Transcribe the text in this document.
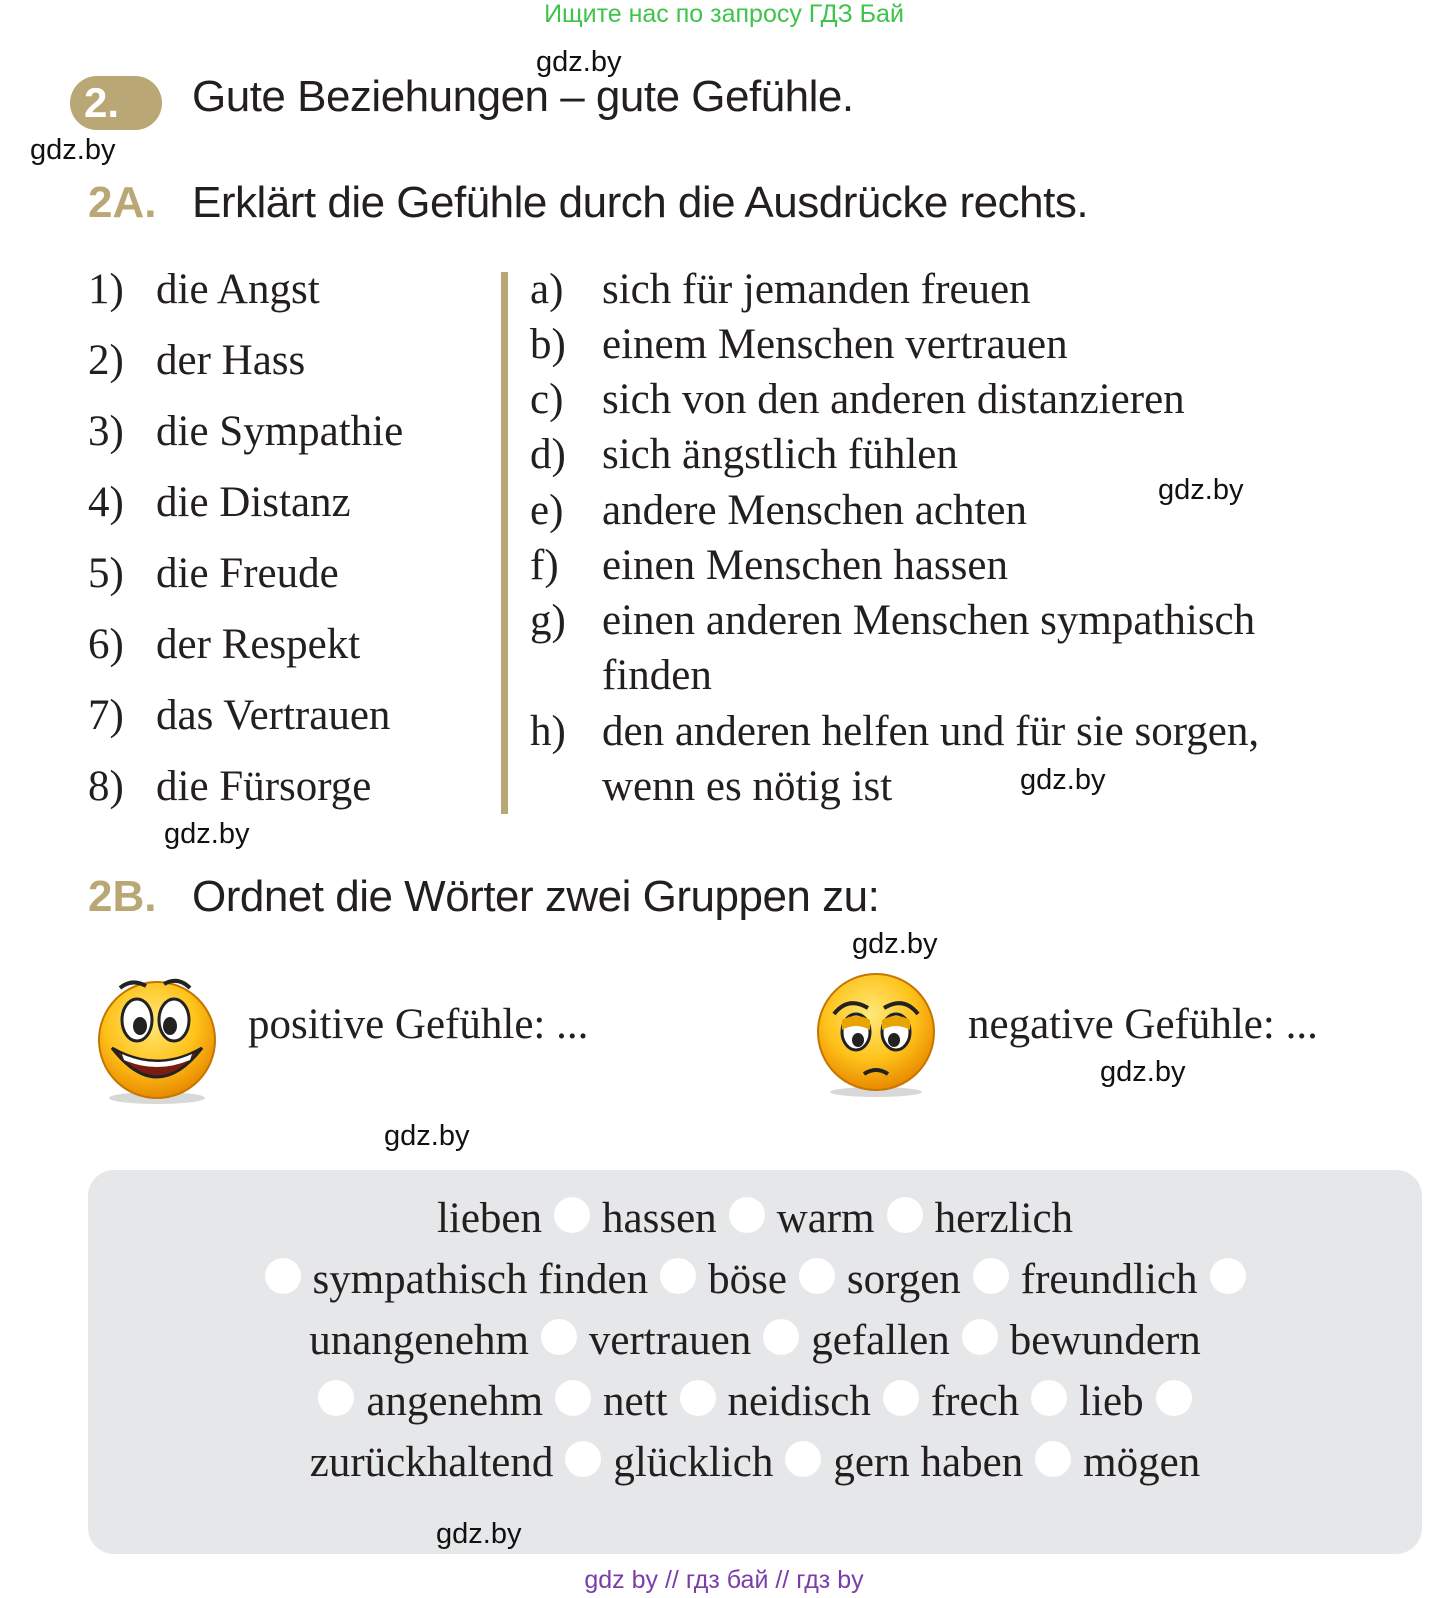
Ищите нас по запросу ГДЗ Бай
gdz.by
gdz.by
gdz.by
gdz.by
gdz.by
gdz.by
gdz.by
gdz.by
gdz.by
2.	Gute Beziehungen – gute Gefühle.
2A. Erklärt die Gefühle durch die Ausdrücke rechts.
1) die Angst
2) der Hass
3) die Sympathie
4) die Distanz
5) die Freude
6) der Respekt
7) das Vertrauen
8) die Fürsorge
a) sich für jemanden freuen
b) einem Menschen vertrauen
c) sich von den anderen distanzieren
d) sich ängstlich fühlen
e) andere Menschen achten
f) einen Menschen hassen
g) einen anderen Menschen sympathisch
finden
h) den anderen helfen und für sie sorgen,
wenn es nötig ist
2B. Ordnet die Wörter zwei Gruppen zu:
positive Gefühle: ...	negative Gefühle: ...
lieben hassen warm herzlich
sympathisch finden böse sorgen freundlich
unangenehm vertrauen gefallen bewundern
angenehm nett neidisch frech lieb
zurückhaltend glücklich gern haben mögen
gdz by // гдз бай // гдз by
